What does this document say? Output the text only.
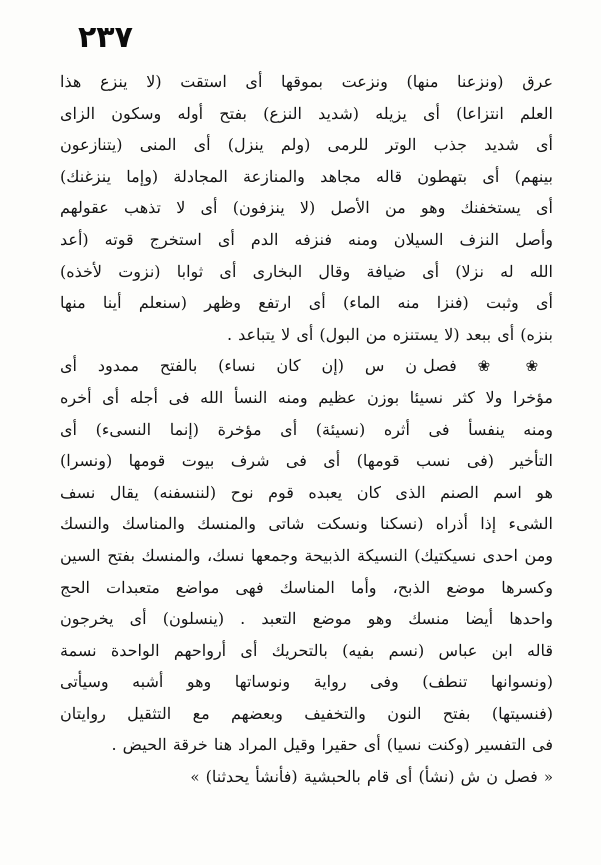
٢٣٧
عرق (ونزعنا منها) ونزعت بموقها أى استقت (لا ينزع هذا
العلم انتزاعا) أى يزيله (شديد النزع) بفتح أوله وسكون الزاى
أى شديد جذب الوتر للرمى (ولم ينزل) أى المنى (يتنازعون
بينهم) أى بتهطون قاله مجاهد والمنازعة المجادلة (وإما ينزغنك)
أى يستخفنك وهو من الأصل (لا ينزفون) أى لا تذهب عقولهم
وأصل النزف السيلان ومنه فنزفه الدم أى استخرج قوته (أعد
الله له نزلا) أى ضيافة وقال البخارى أى ثوابا (نزوت لأخذه)
أى وثبت (فنزا منه الماء) أى ارتفع وظهر (سنعلم أينا منها
بنزه) أى ببعد (لا يستنزه من البول) أى لا يتباعد .
❀ ❀ فصل ن س (إن كان نساء) بالفتح ممدود أى
مؤخرا ولا كثر نسيئا بوزن عظيم ومنه النسأ الله فى أجله أى أخره
ومنه ينفسأ فى أثره (نسيئة) أى مؤخرة (إنما النسىء) أى
التأخير (فى نسب قومها) أى فى شرف بيوت قومها (ونسرا)
هو اسم الصنم الذى كان يعبده قوم نوح (لننسفنه) يقال نسف
الشىء إذا أذراه (نسكنا ونسكت شاتى والمنسك والمناسك والنسك
ومن احدى نسيكتيك) النسيكة الذبيحة وجمعها نسك، والمنسك بفتح السين
وكسرها موضع الذبح، وأما المناسك فهى مواضع متعبدات الحج
واحدها أيضا منسك وهو موضع التعبد . (ينسلون) أى يخرجون
قاله ابن عباس (نسم بفيه) بالتحريك أى أرواحهم الواحدة نسمة
(ونسوانها تنطف) وفى رواية ونوساتها وهو أشبه وسيأتى
(فنسيتها) بفتح النون والتخفيف وبعضهم مع التثقيل روايتان
فى التفسير (وكنت نسيا) أى حقيرا وقيل المراد هنا خرقة الحيض .
« فصل ن ش (نشأ) أى قام بالحبشية (فأنشأ يحدثنا) »
